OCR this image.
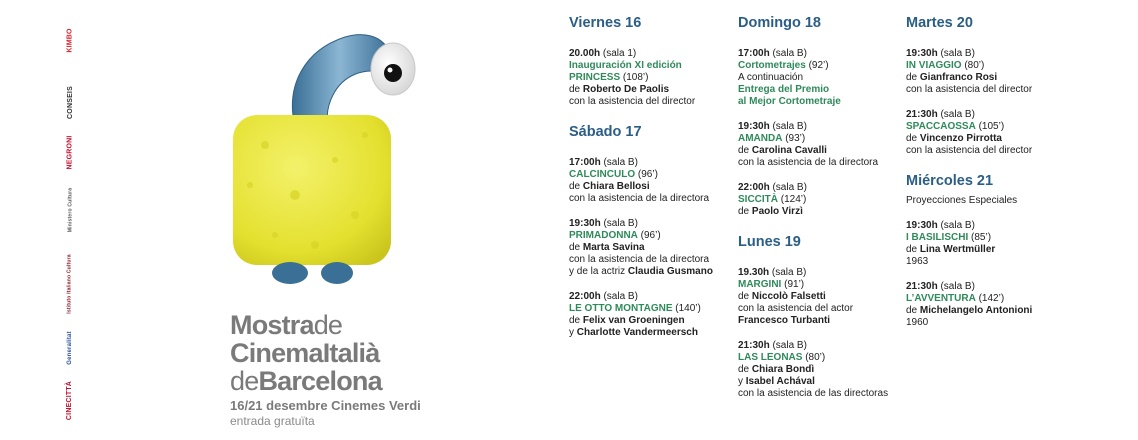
KIMBO
CONSEIS
NEGRONI
Ministero Cultura
Istituto Italiano Cultura
Generalitat
CINECITTÀ
Mostrade
CinemaItalià
deBarcelona
16/21 desembre Cinemes Verdi
entrada gratuïta
Viernes 16
20.00h (sala 1)
Inauguración XI edición
PRINCESS (108’)
de Roberto De Paolis
con la asistencia del director
Sábado 17
17:00h (sala B)
CALCINCULO (96’)
de Chiara Bellosi
con la asistencia de la directora
19:30h (sala B)
PRIMADONNA (96’)
de Marta Savina
con la asistencia de la directora
y de la actriz Claudia Gusmano
22:00h (sala B)
LE OTTO MONTAGNE (140’)
de Felix van Groeningen
y Charlotte Vandermeersch
Domingo 18
17:00h (sala B)
Cortometrajes (92’)
A continuación
Entrega del Premio
al Mejor Cortometraje
19:30h (sala B)
AMANDA (93’)
de Carolina Cavalli
con la asistencia de la directora
22:00h (sala B)
SICCITÀ (124’)
de Paolo Virzì
Lunes 19
19.30h (sala B)
MARGINI (91’)
de Niccolò Falsetti
con la asistencia del actor
Francesco Turbanti
21:30h (sala B)
LAS LEONAS (80’)
de Chiara Bondì
y Isabel Achával
con la asistencia de las directoras
Martes 20
19:30h (sala B)
IN VIAGGIO (80’)
de Gianfranco Rosi
con la asistencia del director
21:30h (sala B)
SPACCAOSSA (105’)
de Vincenzo Pirrotta
con la asistencia del director
Miércoles 21
Proyecciones Especiales
19:30h (sala B)
I BASILISCHI (85’)
de Lina Wertmüller
1963
21:30h (sala B)
L’AVVENTURA (142’)
de Michelangelo Antonioni
1960
